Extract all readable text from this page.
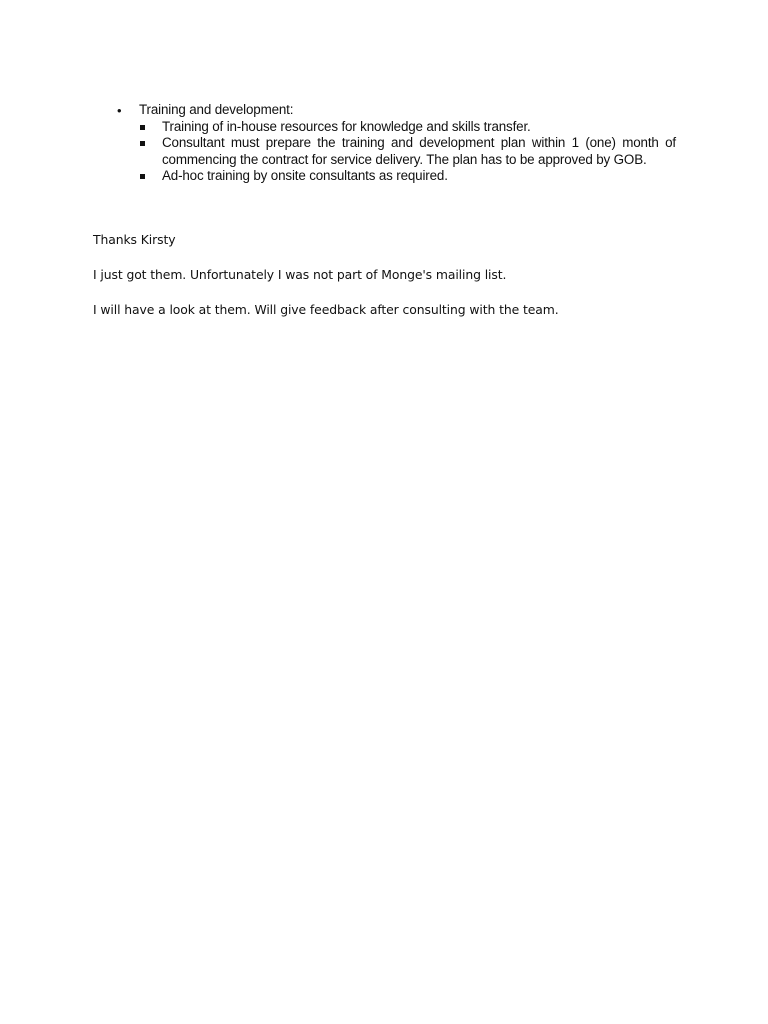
• Training and development:
Training of in-house resources for knowledge and skills transfer.
Consultant must prepare the training and development plan within 1 (one) month of commencing the contract for service delivery. The plan has to be approved by GOB.
Ad-hoc training by onsite consultants as required.
Thanks Kirsty
I just got them. Unfortunately I was not part of Monge's mailing list.
I will have a look at them. Will give feedback after consulting with the team.
